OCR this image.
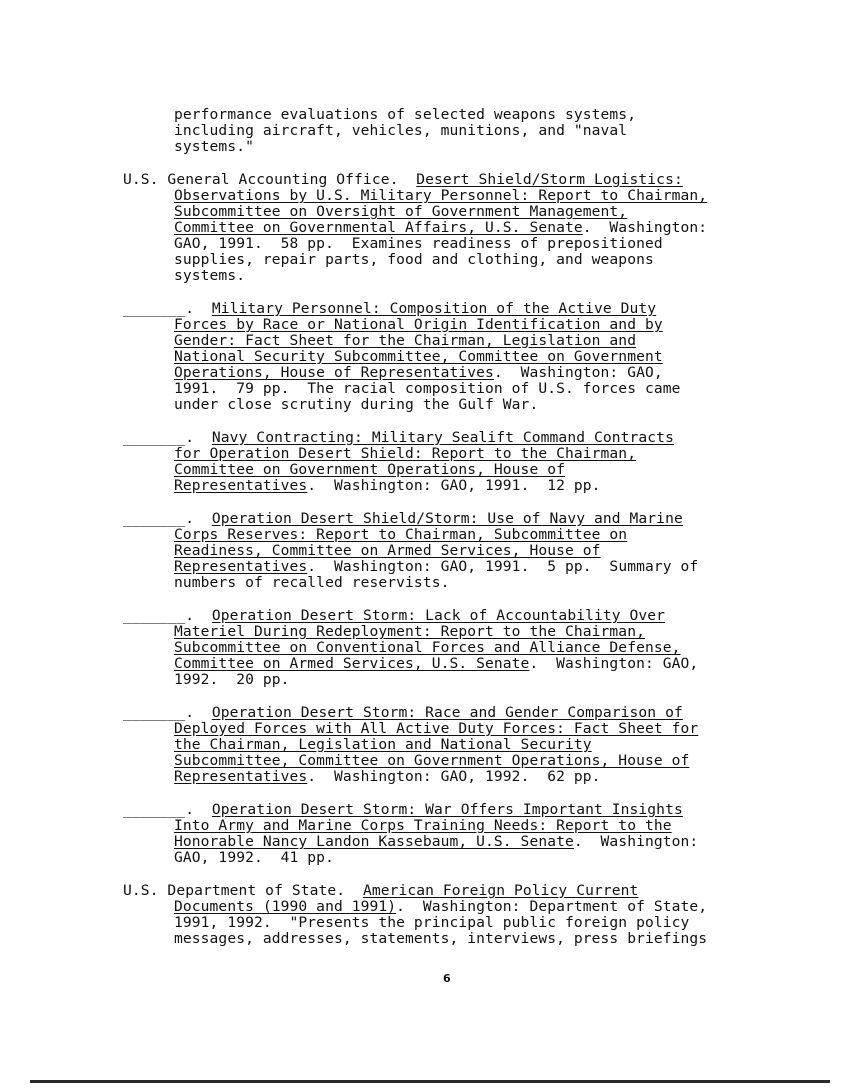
performance evaluations of selected weapons systems,
including aircraft, vehicles, munitions, and "naval
systems."
U.S. General Accounting Office.  Desert Shield/Storm Logistics:
Observations by U.S. Military Personnel: Report to Chairman,
Subcommittee on Oversight of Government Management,
Committee on Governmental Affairs, U.S. Senate.  Washington:
GAO, 1991.  58 pp.  Examines readiness of prepositioned
supplies, repair parts, food and clothing, and weapons
systems.
_______.  Military Personnel: Composition of the Active Duty
Forces by Race or National Origin Identification and by
Gender: Fact Sheet for the Chairman, Legislation and
National Security Subcommittee, Committee on Government
Operations, House of Representatives.  Washington: GAO,
1991.  79 pp.  The racial composition of U.S. forces came
under close scrutiny during the Gulf War.
_______.  Navy Contracting: Military Sealift Command Contracts
for Operation Desert Shield: Report to the Chairman,
Committee on Government Operations, House of
Representatives.  Washington: GAO, 1991.  12 pp.
_______.  Operation Desert Shield/Storm: Use of Navy and Marine
Corps Reserves: Report to Chairman, Subcommittee on
Readiness, Committee on Armed Services, House of
Representatives.  Washington: GAO, 1991.  5 pp.  Summary of
numbers of recalled reservists.
_______.  Operation Desert Storm: Lack of Accountability Over
Materiel During Redeployment: Report to the Chairman,
Subcommittee on Conventional Forces and Alliance Defense,
Committee on Armed Services, U.S. Senate.  Washington: GAO,
1992.  20 pp.
_______.  Operation Desert Storm: Race and Gender Comparison of
Deployed Forces with All Active Duty Forces: Fact Sheet for
the Chairman, Legislation and National Security
Subcommittee, Committee on Government Operations, House of
Representatives.  Washington: GAO, 1992.  62 pp.
_______.  Operation Desert Storm: War Offers Important Insights
Into Army and Marine Corps Training Needs: Report to the
Honorable Nancy Landon Kassebaum, U.S. Senate.  Washington:
GAO, 1992.  41 pp.
U.S. Department of State.  American Foreign Policy Current
Documents (1990 and 1991).  Washington: Department of State,
1991, 1992.  "Presents the principal public foreign policy
messages, addresses, statements, interviews, press briefings
6
